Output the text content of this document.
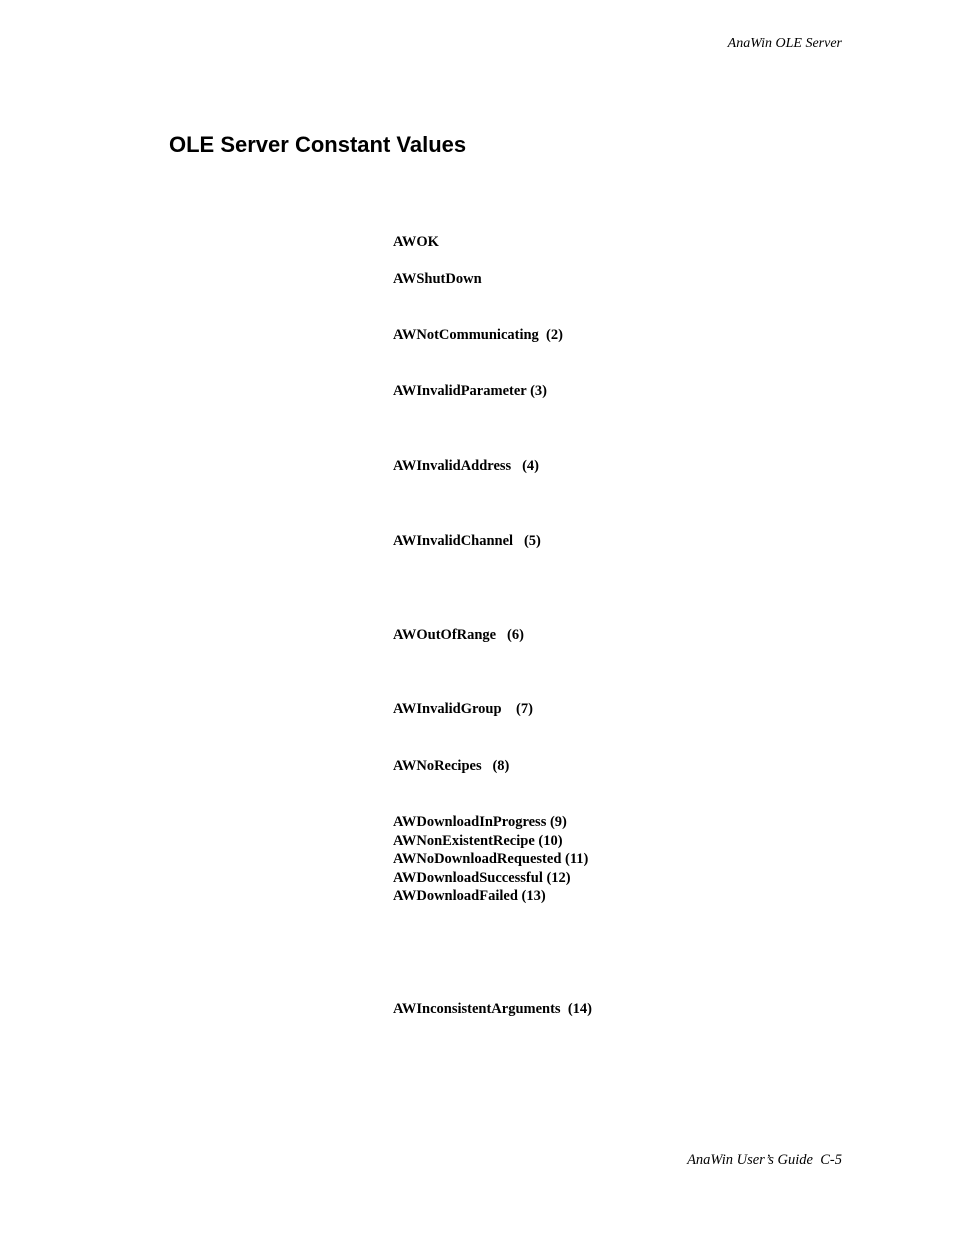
AnaWin OLE Server
OLE Server Constant Values

AWOK

AWShutDown

AWNotCommunicating  (2)

AWInvalidParameter (3)

AWInvalidAddress   (4)

AWInvalidChannel   (5)

AWOutOfRange   (6)

AWInvalidGroup    (7)

AWNoRecipes   (8)

AWDownloadInProgress (9)

AWNonExistentRecipe (10)

AWNoDownloadRequested (11)

AWDownloadSuccessful (12)

AWDownloadFailed (13)

AWInconsistentArguments  (14)

AnaWin User’s Guide  C-5
